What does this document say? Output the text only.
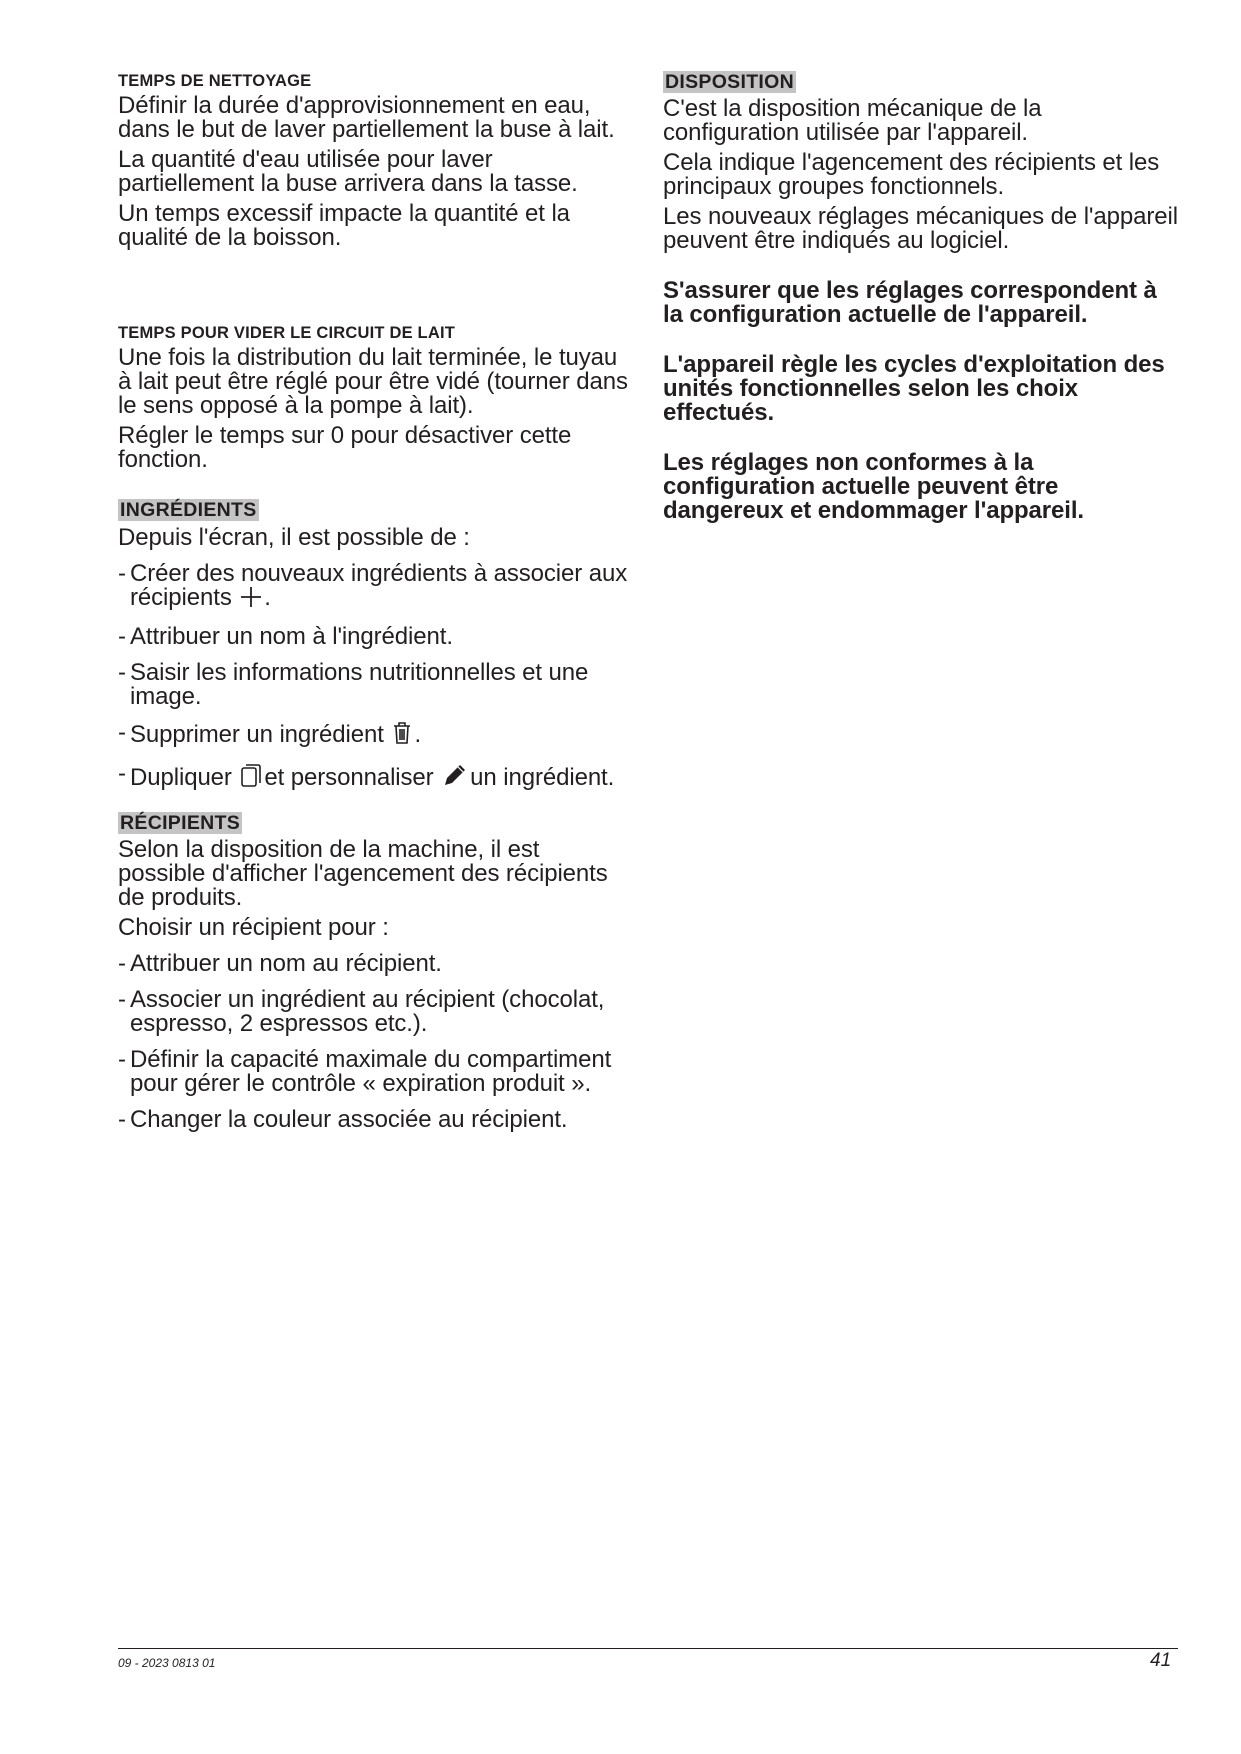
TEMPS DE NETTOYAGE

Définir la durée d'approvisionnement en eau, dans le but de laver partiellement la buse à lait.

La quantité d'eau utilisée pour laver partiellement la buse arrivera dans la tasse.

Un temps excessif impacte la quantité et la qualité de la boisson.

TEMPS POUR VIDER LE CIRCUIT DE LAIT

Une fois la distribution du lait terminée, le tuyau à lait peut être réglé pour être vidé (tourner dans le sens opposé à la pompe à lait).

Régler le temps sur 0 pour désactiver cette fonction.

INGRÉDIENTS

Depuis l'écran, il est possible de :

- Créer des nouveaux ingrédients à associer aux récipients .
- Attribuer un nom à l'ingrédient.
- Saisir les informations nutritionnelles et une image.
- Supprimer un ingrédient .
- Dupliquer et personnaliser un ingrédient.
RÉCIPIENTS

Selon la disposition de la machine, il est possible d'afficher l'agencement des récipients de produits.

Choisir un récipient pour :

- Attribuer un nom au récipient.
- Associer un ingrédient au récipient (chocolat, espresso, 2 espressos etc.).
- Définir la capacité maximale du compartiment pour gérer le contrôle « expiration produit ».
- Changer la couleur associée au récipient.
DISPOSITION

C'est la disposition mécanique de la configuration utilisée par l'appareil.

Cela indique l'agencement des récipients et les principaux groupes fonctionnels.

Les nouveaux réglages mécaniques de l'appareil peuvent être indiqués au logiciel.

S'assurer que les réglages correspondent à la configuration actuelle de l'appareil.

L'appareil règle les cycles d'exploitation des unités fonctionnelles selon les choix effectués.

Les réglages non conformes à la configuration actuelle peuvent être dangereux et endommager l'appareil.

09 - 2023 0813 01	41
